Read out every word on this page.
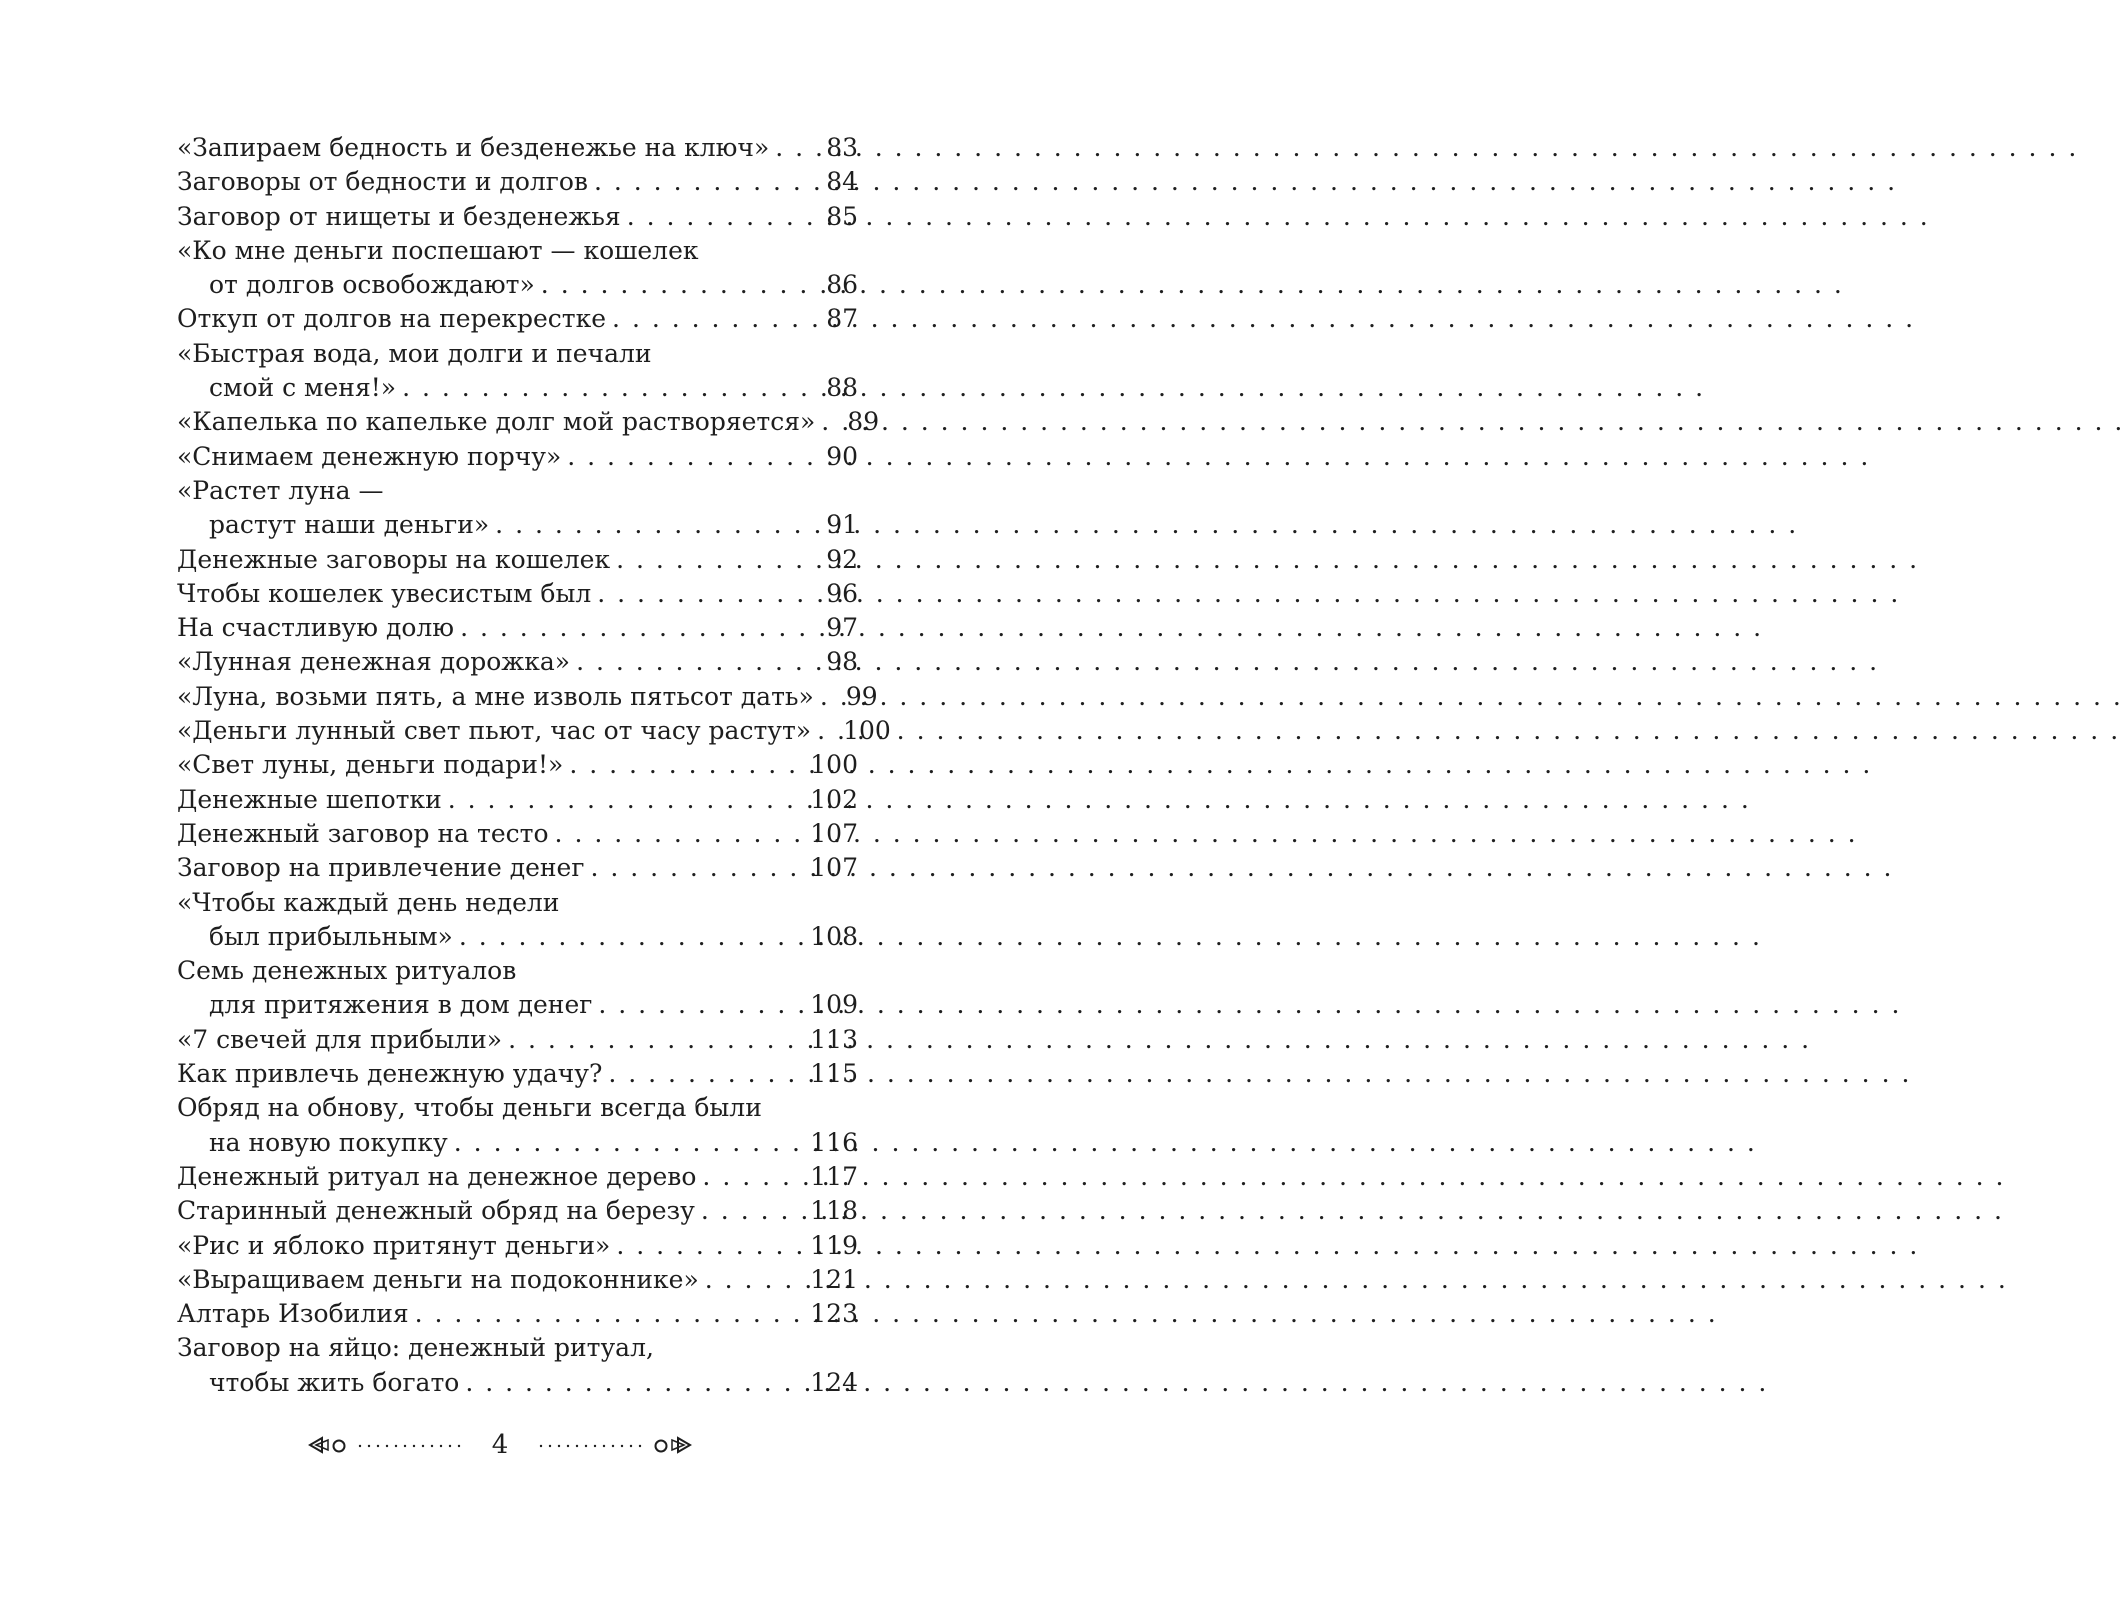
«Запираем бедность и безденежье на ключ» . . . 83
Заговоры от бедности и долгов . . .	84
Заговор от нищеты и безденежья . . .	85
«Ко мне деньги поспешают — кошелек
от долгов освобождают» . . .	86
Откуп от долгов на перекрестке . . .	87
«Быстрая вода, мои долги и печали
смой с меня!» . . .	88
«Капелька по капельке долг мой растворяется» . . . 89
«Снимаем денежную порчу» . . .	90
«Растет луна —
растут наши деньги» . . .	91
Денежные заговоры на кошелек . . .	92
Чтобы кошелек увесистым был . . .	96
На счастливую долю . . .	97
«Лунная денежная дорожка» . . .	98
«Луна, возьми пять, а мне изволь пятьсот дать» . . . 99
«Деньги лунный свет пьют, час от часу растут» . . . 100
«Свет луны, деньги подари!» . . .	100
Денежные шепотки . . .	102
Денежный заговор на тесто . . .	107
Заговор на привлечение денег . . .	107
«Чтобы каждый день недели
был прибыльным» . . .	108
Семь денежных ритуалов
для притяжения в дом денег . . .	109
«7 свечей для прибыли» . . .	113
Как привлечь денежную удачу? . . .	115
Обряд на обнову, чтобы деньги всегда были
на новую покупку . . .	116
Денежный ритуал на денежное дерево . . .	117
Старинный денежный обряд на березу . . .	118
«Рис и яблоко притянут деньги» . . .	119
«Выращиваем деньги на подоконнике» . . .	121
Алтарь Изобилия . . .	123
Заговор на яйцо: денежный ритуал,
чтобы жить богато . . .	124
4
